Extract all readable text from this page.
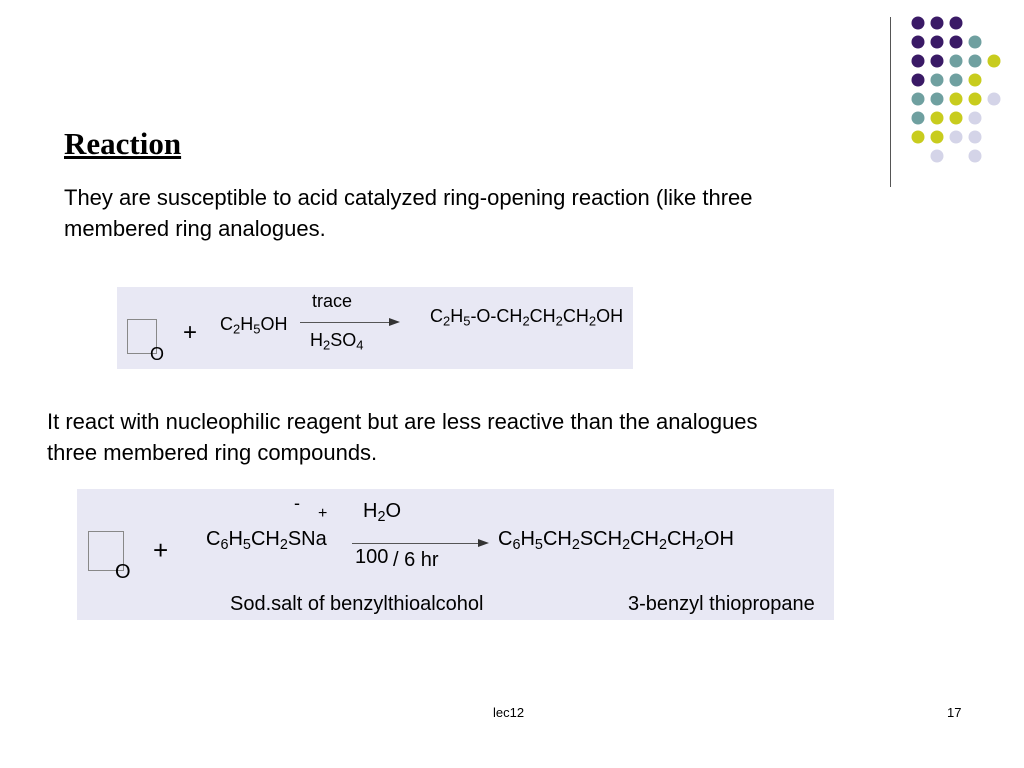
Reaction
They are susceptible to acid catalyzed ring-opening reaction (like three membered ring analogues.
O
+ $C_2H_5OH$
trace
$H_2SO_4$
$C_2H_5-O-CH_2CH_2CH_2OH$
It react with nucleophilic reagent but are less reactive than the analogues three membered ring compounds.
O
+
-
+
$C_6H_5CH_2SNa$
$H_2O$
100 / 6 hr
$C_6H_5CH_2SCH_2CH_2CH_2OH$
Sod.salt of benzylthioalcohol	3-benzyl thiopropane
lec12	17
